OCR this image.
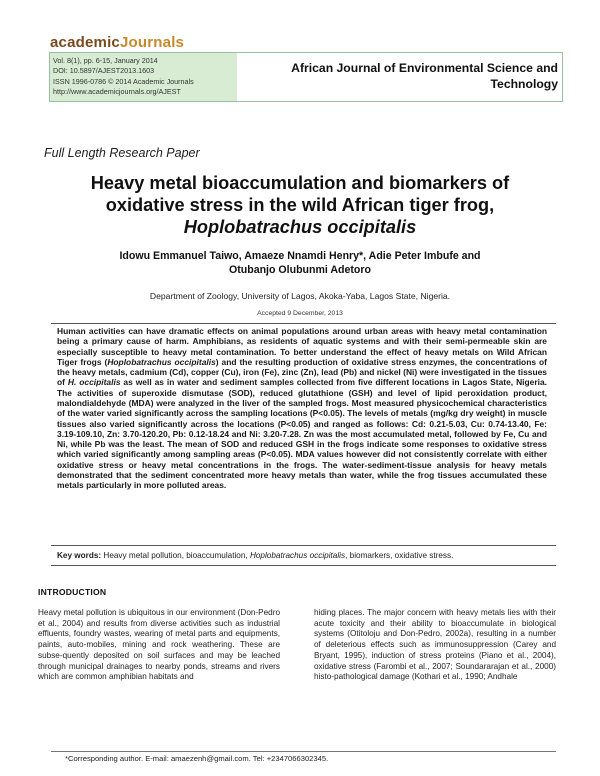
academicJournals
Vol. 8(1), pp. 6-15, January 2014
DOI: 10.5897/AJEST2013.1603
ISSN 1996-0786 © 2014 Academic Journals
http://www.academicjournals.org/AJEST
African Journal of Environmental Science and Technology
Full Length Research Paper
Heavy metal bioaccumulation and biomarkers of
oxidative stress in the wild African tiger frog,
Hoplobatrachus occipitalis
Idowu Emmanuel Taiwo, Amaeze Nnamdi Henry*, Adie Peter Imbufe and
Otubanjo Olubunmi Adetoro
Department of Zoology, University of Lagos, Akoka-Yaba, Lagos State, Nigeria.
Accepted 9 December, 2013
Human activities can have dramatic effects on animal populations around urban areas with heavy metal contamination being a primary cause of harm. Amphibians, as residents of aquatic systems and with their semi-permeable skin are especially susceptible to heavy metal contamination. To better understand the effect of heavy metals on Wild African Tiger frogs (Hoplobatrachus occipitalis) and the resulting production of oxidative stress enzymes, the concentrations of the heavy metals, cadmium (Cd), copper (Cu), iron (Fe), zinc (Zn), lead (Pb) and nickel (Ni) were investigated in the tissues of H. occipitalis as well as in water and sediment samples collected from five different locations in Lagos State, Nigeria. The activities of superoxide dismutase (SOD), reduced glutathione (GSH) and level of lipid peroxidation product, malondialdehyde (MDA) were analyzed in the liver of the sampled frogs. Most measured physicochemical characteristics of the water varied significantly across the sampling locations (P<0.05). The levels of metals (mg/kg dry weight) in muscle tissues also varied significantly across the locations (P<0.05) and ranged as follows: Cd: 0.21-5.03, Cu: 0.74-13.40, Fe: 3.19-109.10, Zn: 3.70-120.20, Pb: 0.12-18.24 and Ni: 3.20-7.28. Zn was the most accumulated metal, followed by Fe, Cu and Ni, while Pb was the least. The mean of SOD and reduced GSH in the frogs indicate some responses to oxidative stress which varied significantly among sampling areas (P<0.05). MDA values however did not consistently correlate with either oxidative stress or heavy metal concentrations in the frogs. The water-sediment-tissue analysis for heavy metals demonstrated that the sediment concentrated more heavy metals than water, while the frog tissues accumulated these metals particularly in more polluted areas.
Key words: Heavy metal pollution, bioaccumulation, Hoplobatrachus occipitalis, biomarkers, oxidative stress.
INTRODUCTION
Heavy metal pollution is ubiquitous in our environment (Don-Pedro et al., 2004) and results from diverse activities such as industrial effluents, foundry wastes, wearing of metal parts and equipments, paints, auto-mobiles, mining and rock weathering. These are subse-quently deposited on soil surfaces and may be leached through municipal drainages to nearby ponds, streams and rivers which are common amphibian habitats and
hiding places. The major concern with heavy metals lies with their acute toxicity and their ability to bioaccumulate in biological systems (Otitoloju and Don-Pedro, 2002a), resulting in a number of deleterious effects such as immunosuppression (Carey and Bryant, 1995), induction of stress proteins (Piano et al., 2004), oxidative stress (Farombi et al., 2007; Soundararajan et al., 2000) histo-pathological damage (Kothari et al., 1990; Andhale
*Corresponding author. E-mail: amaezenh@gmail.com. Tel: +2347066302345.
